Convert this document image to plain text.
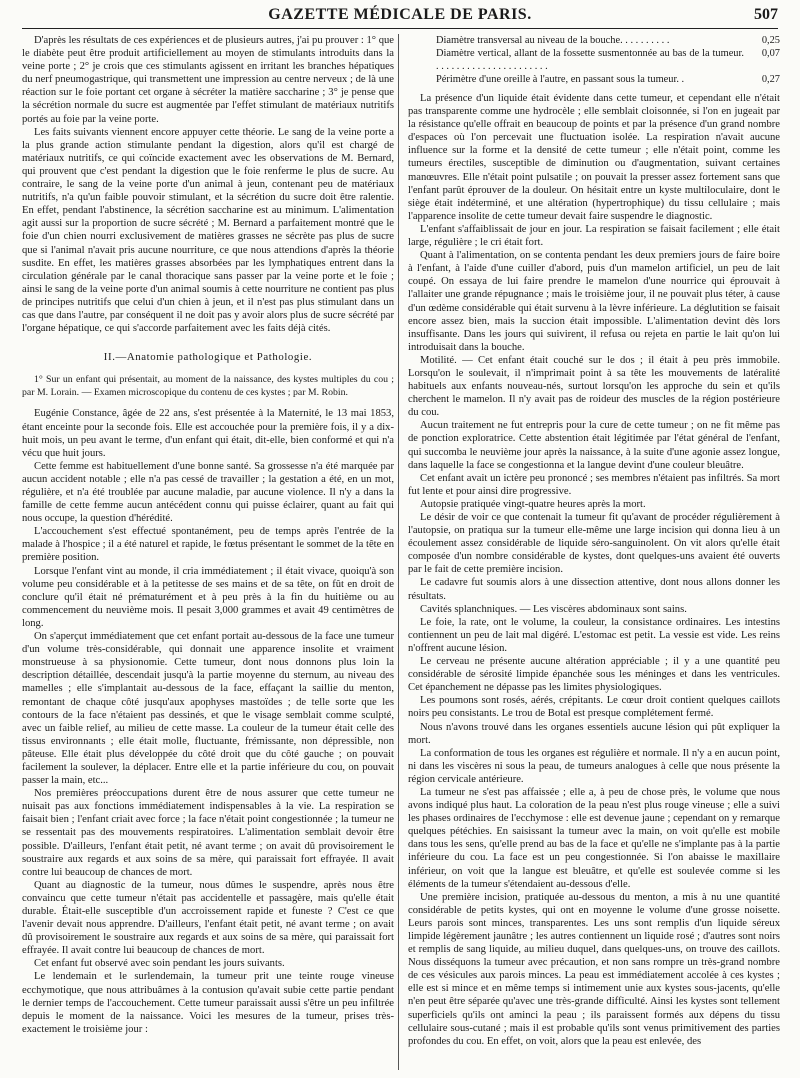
GAZETTE MÉDICALE DE PARIS.	507

D'après les résultats de ces expériences et de plusieurs autres, j'ai pu prouver : 1° que le diabète peut être produit artificiellement au moyen de stimulants introduits dans la veine porte ; 2° je crois que ces stimulants agissent en irritant les branches hépatiques du nerf pneumogastrique, qui transmettent une impression au centre nerveux ; de là une réaction sur le foie portant cet organe à sécréter la matière saccharine ; 3° je pense que la sécrétion normale du sucre est augmentée par l'effet stimulant de matériaux nutritifs portés au foie par la veine porte.

Les faits suivants viennent encore appuyer cette théorie. Le sang de la veine porte a la plus grande action stimulante pendant la digestion, alors qu'il est chargé de matériaux nutritifs, ce qui coïncide exactement avec les observations de M. Bernard, qui prouvent que c'est pendant la digestion que le foie renferme le plus de sucre. Au contraire, le sang de la veine porte d'un animal à jeun, contenant peu de matériaux nutritifs, n'a qu'un faible pouvoir stimulant, et la sécrétion du sucre doit être ralentie. En effet, pendant l'abstinence, la sécrétion saccharine est au minimum. L'alimentation agit aussi sur la proportion de sucre sécrété ; M. Bernard a parfaitement montré que le foie d'un chien nourri exclusivement de matières grasses ne sécrète pas plus de sucre que si l'animal n'avait pris aucune nourriture, ce que nous attendions d'après la théorie susdite. En effet, les matières grasses absorbées par les lymphatiques entrent dans la circulation générale par le canal thoracique sans passer par la veine porte et le foie ; ainsi le sang de la veine porte d'un animal soumis à cette nourriture ne contient pas plus de principes nutritifs que celui d'un chien à jeun, et il n'est pas plus stimulant dans un cas que dans l'autre, par conséquent il ne doit pas y avoir alors plus de sucre sécrété par l'organe hépatique, ce qui s'accorde parfaitement avec les faits déjà cités.

II.—Anatomie pathologique et Pathologie.

1° Sur un enfant qui présentait, au moment de la naissance, des kystes multiples du cou ; par M. Lorain. — Examen microscopique du contenu de ces kystes ; par M. Robin.

Eugénie Constance, âgée de 22 ans, s'est présentée à la Maternité, le 13 mai 1853, étant enceinte pour la seconde fois. Elle est accouchée pour la première fois, il y a dix-huit mois, un peu avant le terme, d'un enfant qui était, dit-elle, bien conformé et qui n'a vécu que huit jours.

Cette femme est habituellement d'une bonne santé. Sa grossesse n'a été marquée par aucun accident notable ; elle n'a pas cessé de travailler ; la gestation a été, en un mot, régulière, et n'a été troublée par aucune maladie, par aucune violence. Il n'y a dans la famille de cette femme aucun antécédent connu qui puisse éclairer, quant au fait qui nous occupe, la question d'hérédité.

L'accouchement s'est effectué spontanément, peu de temps après l'entrée de la malade à l'hospice ; il a été naturel et rapide, le fœtus présentant le sommet de la tête en première position.

Lorsque l'enfant vint au monde, il cria immédiatement ; il était vivace, quoiqu'à son volume peu considérable et à la petitesse de ses mains et de sa tête, on fût en droit de conclure qu'il était né prématurément et à peu près à la fin du huitième ou au commencement du neuvième mois. Il pesait 3,000 grammes et avait 49 centimètres de long.

On s'aperçut immédiatement que cet enfant portait au-dessous de la face une tumeur d'un volume très-considérable, qui donnait une apparence insolite et vraiment monstrueuse à sa physionomie. Cette tumeur, dont nous donnons plus loin la description détaillée, descendait jusqu'à la partie moyenne du sternum, au niveau des mamelles ; elle s'implantait au-dessous de la face, effaçant la saillie du menton, remontant de chaque côté jusqu'aux apophyses mastoïdes ; de telle sorte que les contours de la face n'étaient pas dessinés, et que le visage semblait comme sculpté, avec un faible relief, au milieu de cette masse. La couleur de la tumeur était celle des tissus environnants ; elle était molle, fluctuante, frémissante, non dépressible, non pâteuse. Elle était plus développée du côté droit que du côté gauche ; on pouvait facilement la soulever, la déplacer. Entre elle et la partie inférieure du cou, on pouvait passer la main, etc...

Nos premières préoccupations durent être de nous assurer que cette tumeur ne nuisait pas aux fonctions immédiatement indispensables à la vie. La respiration se faisait bien ; l'enfant criait avec force ; la face n'était point congestionnée ; la tumeur ne se ressentait pas des mouvements respiratoires. L'alimentation semblait devoir être possible. D'ailleurs, l'enfant était petit, né avant terme ; on avait dû provisoirement le soustraire aux regards et aux soins de sa mère, qui paraissait fort effrayée. Il avait contre lui beaucoup de chances de mort.

Quant au diagnostic de la tumeur, nous dûmes le suspendre, après nous être convaincu que cette tumeur n'était pas accidentelle et passagère, mais qu'elle était durable. Était-elle susceptible d'un accroissement rapide et funeste ? C'est ce que l'avenir devait nous apprendre. D'ailleurs, l'enfant était petit, né avant terme ; on avait dû provisoirement le soustraire aux regards et aux soins de sa mère, qui paraissait fort effrayée. Il avait contre lui beaucoup de chances de mort.

Cet enfant fut observé avec soin pendant les jours suivants.

Le lendemain et le surlendemain, la tumeur prit une teinte rouge vineuse ecchymotique, que nous attribuâmes à la contusion qu'avait subie cette partie pendant le dernier temps de l'accouchement. Cette tumeur paraissait aussi s'être un peu infiltrée depuis le moment de la naissance. Voici les mesures de la tumeur, prises très-exactement le troisième jour :

Diamètre transversal au niveau de la bouche. . . . . . . . . .	0,25
Diamètre vertical, allant de la fossette susmentonnée au bas de la tumeur. . . . . . . . . . . . . . . . . . . . . . .
0,07
Périmètre d'une oreille à l'autre, en passant sous la tumeur. .	0,27

La présence d'un liquide était évidente dans cette tumeur, et cependant elle n'était pas transparente comme une hydrocèle ; elle semblait cloisonnée, si l'on en jugeait par la résistance qu'elle offrait en beaucoup de points et par la présence d'un grand nombre d'espaces où l'on percevait une fluctuation isolée. La respiration n'avait aucune influence sur la forme et la densité de cette tumeur ; elle n'était point, comme les tumeurs érectiles, susceptible de diminution ou d'augmentation, suivant certaines manœuvres. Elle n'était point pulsatile ; on pouvait la presser assez fortement sans que l'enfant parût éprouver de la douleur. On hésitait entre un kyste multiloculaire, dont le siège était indéterminé, et une altération (hypertrophique) du tissu cellulaire ; mais l'apparence insolite de cette tumeur devait faire suspendre le diagnostic.

L'enfant s'affaiblissait de jour en jour. La respiration se faisait facilement ; elle était large, régulière ; le cri était fort.

Quant à l'alimentation, on se contenta pendant les deux premiers jours de faire boire à l'enfant, à l'aide d'une cuiller d'abord, puis d'un mamelon artificiel, un peu de lait coupé. On essaya de lui faire prendre le mamelon d'une nourrice qui éprouvait à l'allaiter une grande répugnance ; mais le troisième jour, il ne pouvait plus téter, à cause d'un œdème considérable qui était survenu à la lèvre inférieure. La déglutition se faisait encore assez bien, mais la succion était impossible. L'alimentation devint dès lors insuffisante. Dans les jours qui suivirent, il refusa ou rejeta en partie le lait qu'on lui introduisait dans la bouche.

Motilité. — Cet enfant était couché sur le dos ; il était à peu près immobile. Lorsqu'on le soulevait, il n'imprimait point à sa tête les mouvements de latéralité habituels aux enfants nouveau-nés, surtout lorsqu'on les approche du sein et qu'ils cherchent le mamelon. Il n'y avait pas de roideur des muscles de la région postérieure du cou.

Aucun traitement ne fut entrepris pour la cure de cette tumeur ; on ne fit même pas de ponction exploratrice. Cette abstention était légitimée par l'état général de l'enfant, qui succomba le neuvième jour après la naissance, à la suite d'une agonie assez longue, dans laquelle la face se congestionna et la langue devint d'une couleur bleuâtre.

Cet enfant avait un ictère peu prononcé ; ses membres n'étaient pas infiltrés. Sa mort fut lente et pour ainsi dire progressive.

Autopsie pratiquée vingt-quatre heures après la mort.

Le désir de voir ce que contenait la tumeur fit qu'avant de procéder régulièrement à l'autopsie, on pratiqua sur la tumeur elle-même une large incision qui donna lieu à un écoulement assez considérable de liquide séro-sanguinolent. On vit alors qu'elle était composée d'un nombre considérable de kystes, dont quelques-uns avaient été ouverts par le fait de cette première incision.

Le cadavre fut soumis alors à une dissection attentive, dont nous allons donner les résultats.

Cavités splanchniques. — Les viscères abdominaux sont sains.

Le foie, la rate, ont le volume, la couleur, la consistance ordinaires. Les intestins contiennent un peu de lait mal digéré. L'estomac est petit. La vessie est vide. Les reins n'offrent aucune lésion.

Le cerveau ne présente aucune altération appréciable ; il y a une quantité peu considérable de sérosité limpide épanchée sous les méninges et dans les ventricules. Cet épanchement ne dépasse pas les limites physiologiques.

Les poumons sont rosés, aérés, crépitants. Le cœur droit contient quelques caillots noirs peu consistants. Le trou de Botal est presque complétement fermé.

Nous n'avons trouvé dans les organes essentiels aucune lésion qui pût expliquer la mort.

La conformation de tous les organes est régulière et normale. Il n'y a en aucun point, ni dans les viscères ni sous la peau, de tumeurs analogues à celle que nous présente la région cervicale antérieure.

La tumeur ne s'est pas affaissée ; elle a, à peu de chose près, le volume que nous avons indiqué plus haut. La coloration de la peau n'est plus rouge vineuse ; elle a suivi les phases ordinaires de l'ecchymose : elle est devenue jaune ; cependant on y remarque quelques pétéchies. En saisissant la tumeur avec la main, on voit qu'elle est mobile dans tous les sens, qu'elle prend au bas de la face et qu'elle ne s'implante pas à la partie inférieure du cou. La face est un peu congestionnée. Si l'on abaisse le maxillaire inférieur, on voit que la langue est bleuâtre, et qu'elle est soulevée comme si les éléments de la tumeur s'étendaient au-dessous d'elle.

Une première incision, pratiquée au-dessous du menton, a mis à nu une quantité considérable de petits kystes, qui ont en moyenne le volume d'une grosse noisette. Leurs parois sont minces, transparentes. Les uns sont remplis d'un liquide séreux limpide légèrement jaunâtre ; les autres contiennent un liquide rosé ; d'autres sont noirs et remplis de sang liquide, au milieu duquel, dans quelques-uns, on trouve des caillots. Nous disséquons la tumeur avec précaution, et non sans rompre un très-grand nombre de ces vésicules aux parois minces. La peau est immédiatement accolée à ces kystes ; elle est si mince et en même temps si intimement unie aux kystes sous-jacents, qu'elle n'en peut être séparée qu'avec une très-grande difficulté. Ainsi les kystes sont tellement superficiels qu'ils ont aminci la peau ; ils paraissent formés aux dépens du tissu cellulaire sous-cutané ; mais il est probable qu'ils sont venus primitivement des parties profondes du cou. En effet, on voit, alors que la peau est enlevée, des
